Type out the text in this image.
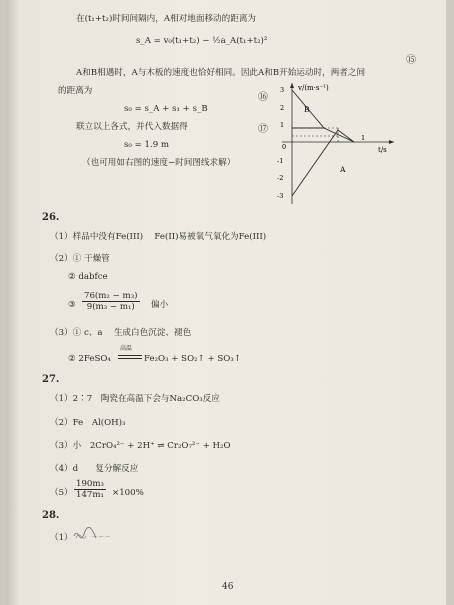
在(t₁+t₂)时间间隔内，A相对地面移动的距离为
s_A = v₀(t₁+t₂) − ½a_A(t₁+t₂)²
⑮
A和B相遇时，A与木板的速度也恰好相同。因此A和B开始运动时，两者之间
的距离为
s₀ = s_A + s₁ + s_B
⑯
联立以上各式，并代入数据得
s₀ = 1.9 m
⑰
（也可用如右图的速度−时间图线求解）
v/(m·s⁻¹)
t/s
3
2
1
0
-1
-2
-3
1
B
A
26.
（1）样品中没有Fe(III)　 Fe(II)易被氧气氧化为Fe(III)
（2）① 干燥管
② dabfce
③ $\frac{\text{76(m₂ − m₃)}}{\text{9(m₃ − m₁)}}$ 偏小
（3）① c、a　 生成白色沉淀、褪色
② 2FeSO₄
高温
Fe₂O₃ + SO₂↑ + SO₃↑
27.
（1）2∶7　陶瓷在高温下会与Na₂CO₃反应
（2）Fe　Al(OH)₃
（3）小　2CrO₄²⁻ + 2H⁺ ⇌ Cr₂O₇²⁻ + H₂O
（4）d　　复分解反应
$(5) \frac{\text{190m₃}}{\text{147m₁}} \times 100\%$
28.
（1）	— — —
46
